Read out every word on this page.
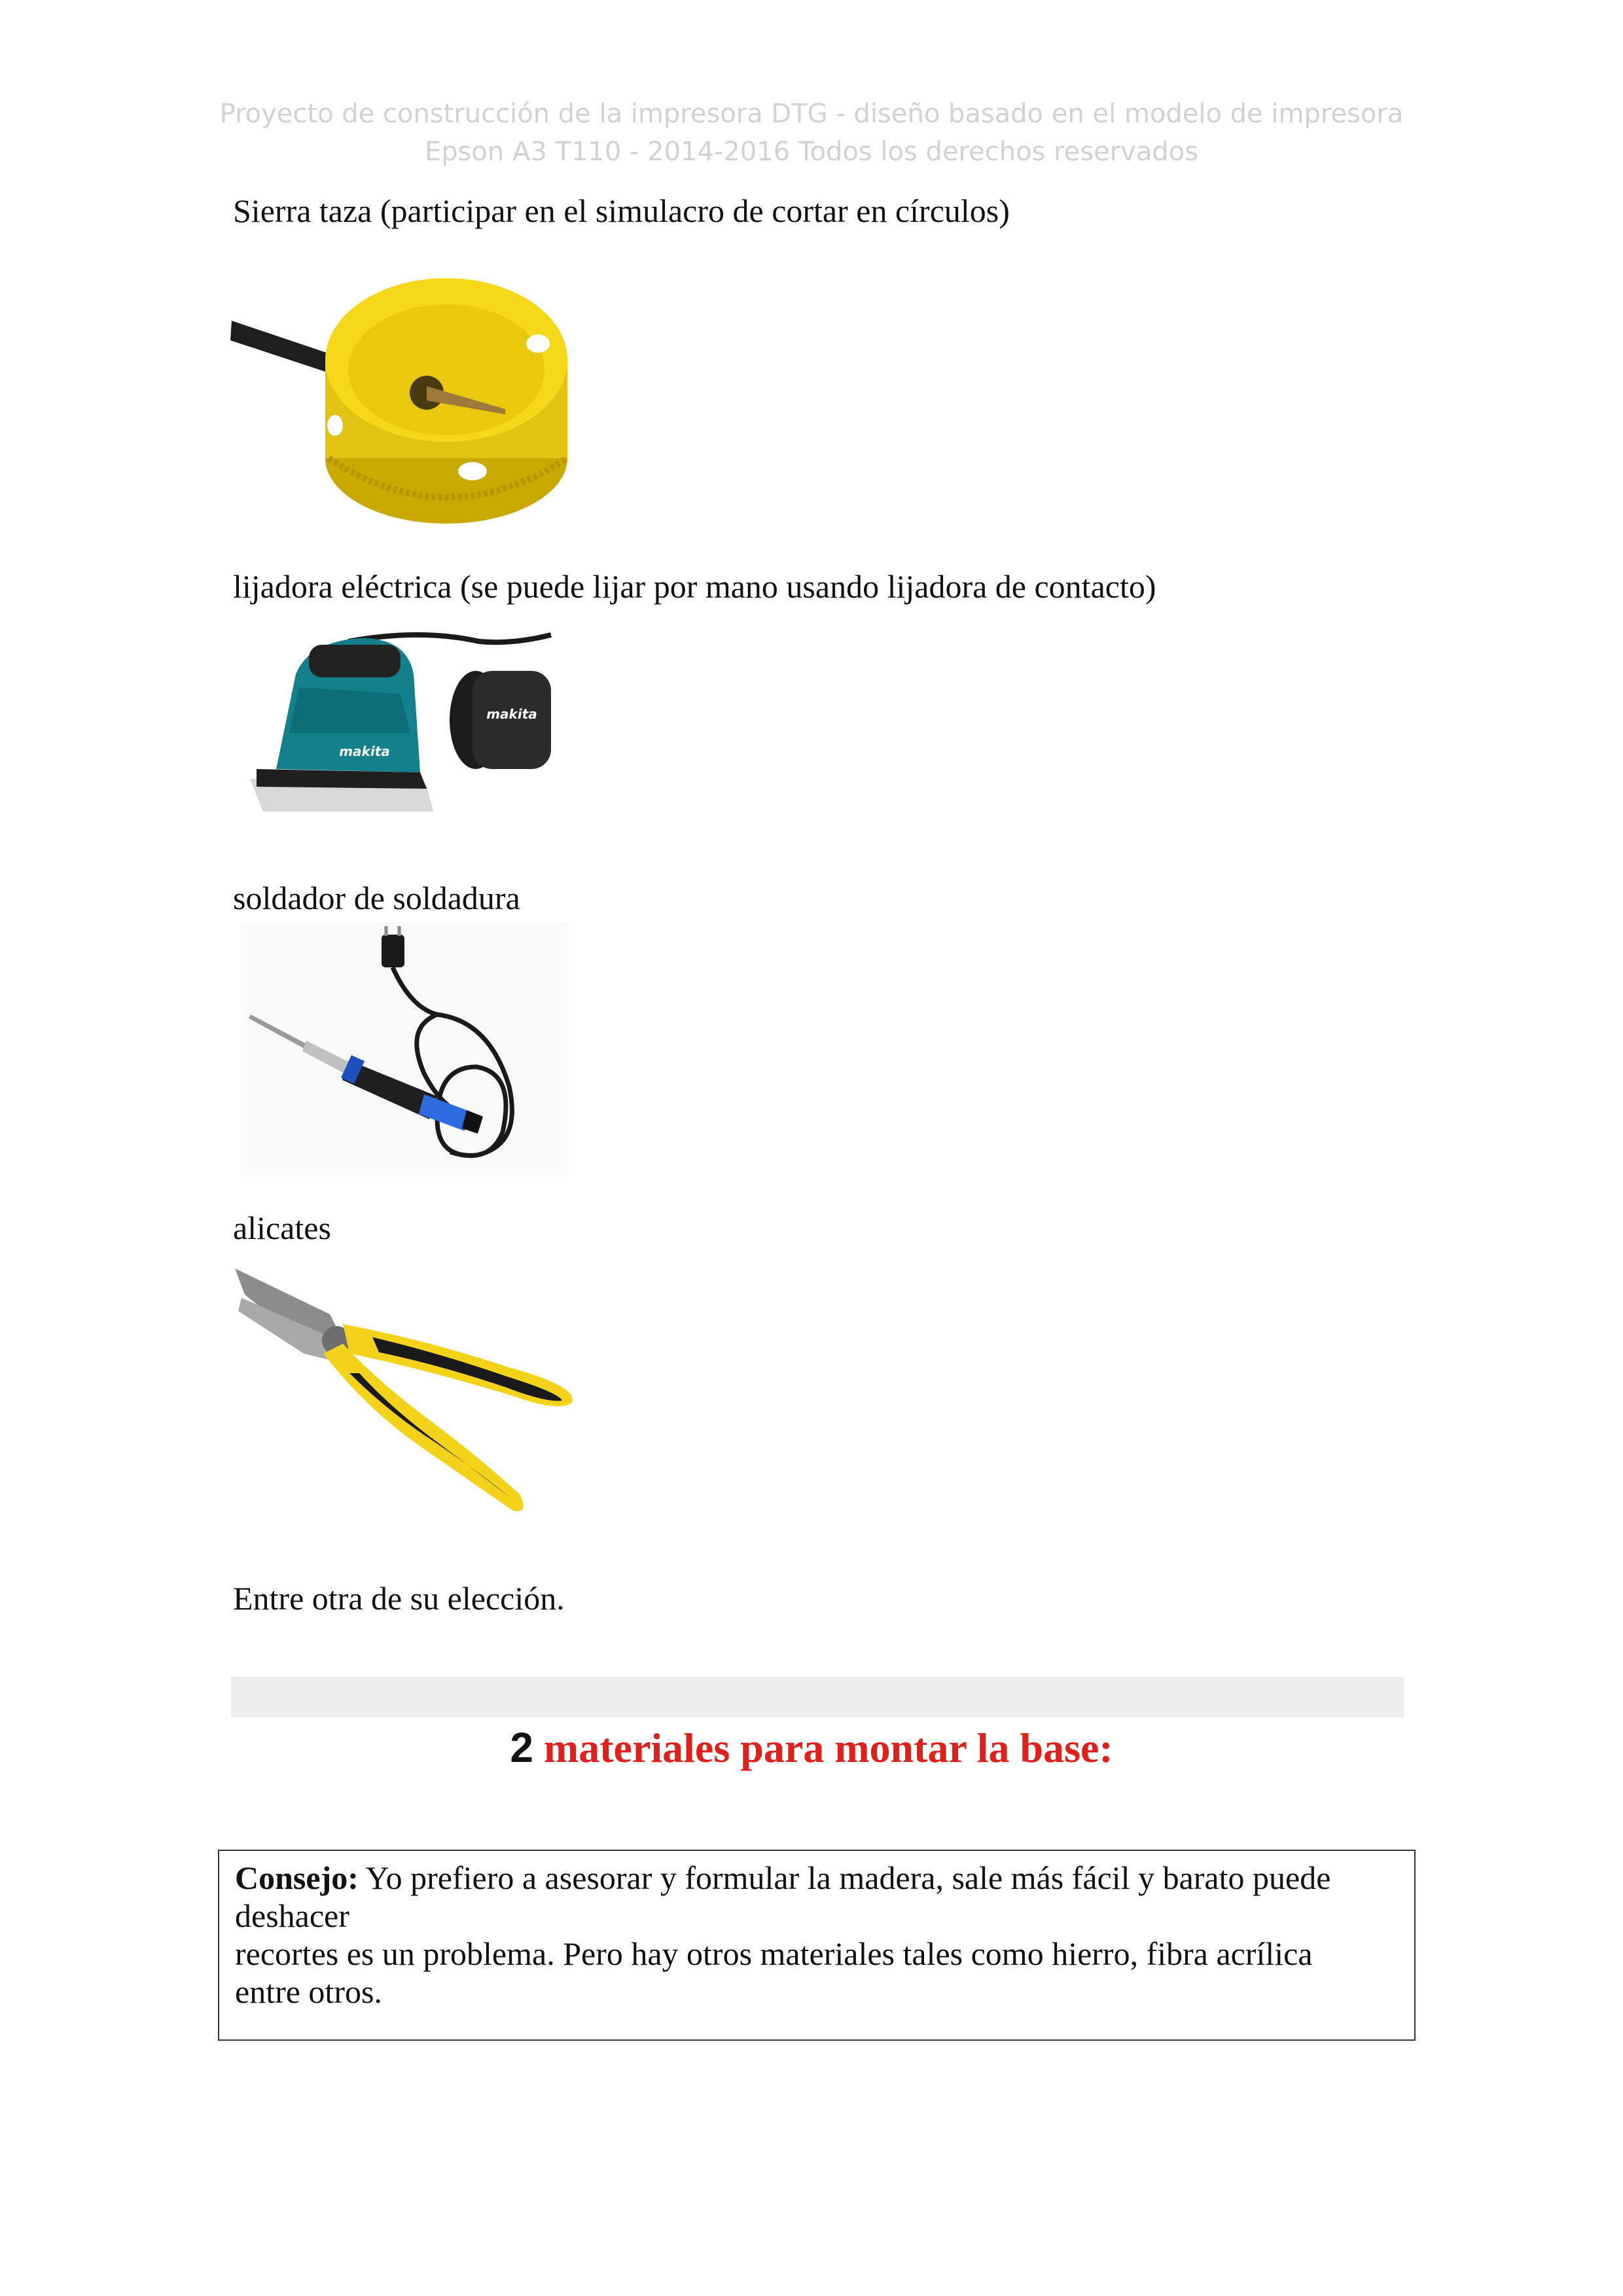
Proyecto de construcción de la impresora DTG - diseño basado en el modelo de impresora
Epson A3 T110 - 2014-2016 Todos los derechos reservados
Sierra taza (participar en el simulacro de cortar en círculos)
lijadora eléctrica (se puede lijar por mano usando lijadora de contacto)
makita
makita
soldador de soldadura
alicates
Entre otra de su elección.
2 materiales para montar la base:
Consejo: Yo prefiero a asesorar y formular la madera, sale más fácil y barato puede
deshacer
recortes es un problema. Pero hay otros materiales tales como hierro, fibra acrílica
entre otros.
